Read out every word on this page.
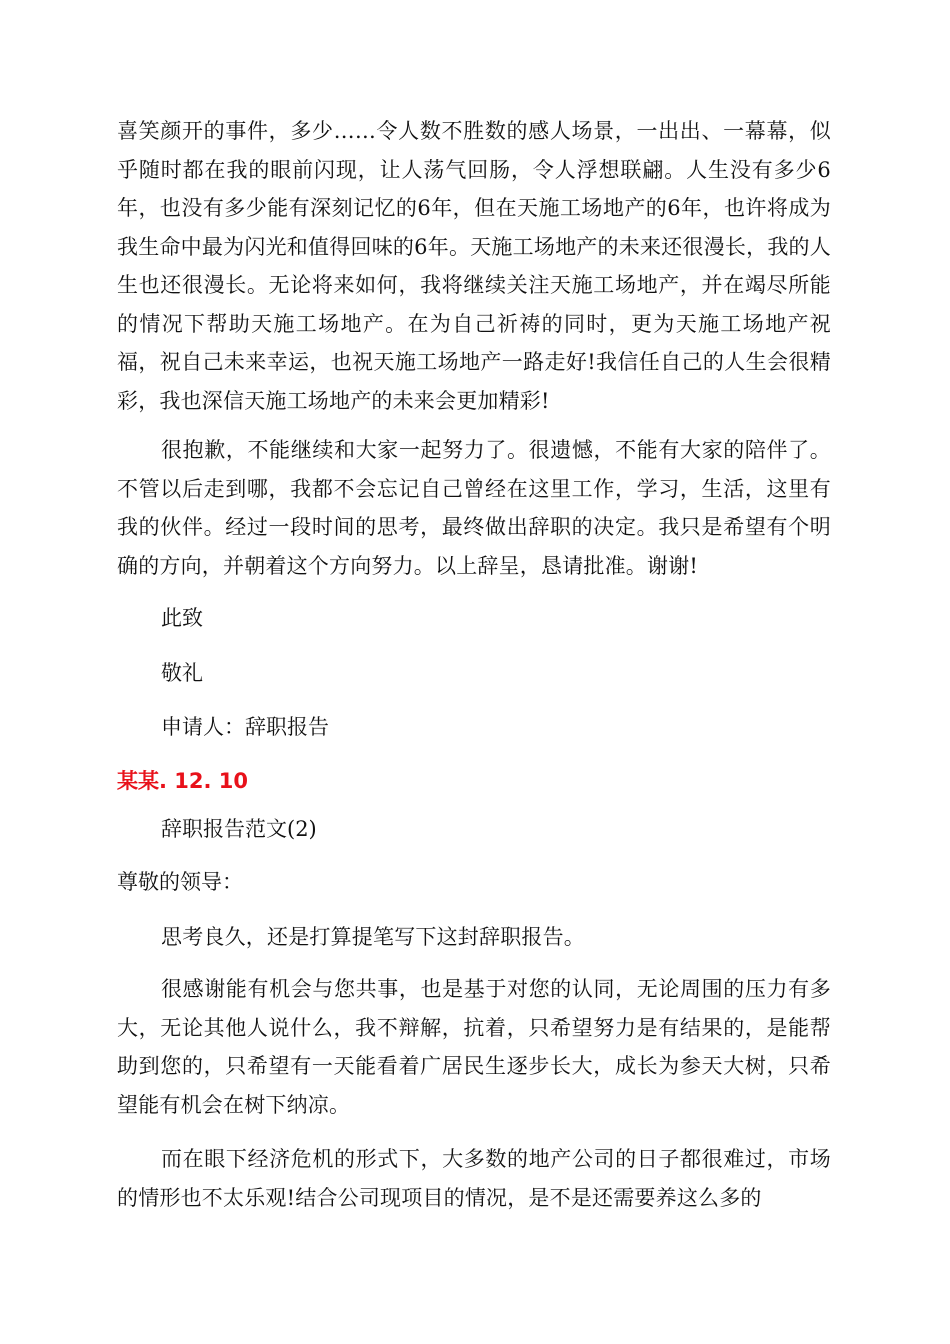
喜笑颜开的事件，多少……令人数不胜数的感人场景，一出出、一幕幕，似乎随时都在我的眼前闪现，让人荡气回肠，令人浮想联翩。人生没有多少6年，也没有多少能有深刻记忆的6年，但在天施工场地产的6年，也许将成为我生命中最为闪光和值得回味的6年。天施工场地产的未来还很漫长，我的人生也还很漫长。无论将来如何，我将继续关注天施工场地产，并在竭尽所能的情况下帮助天施工场地产。在为自己祈祷的同时，更为天施工场地产祝福，祝自己未来幸运，也祝天施工场地产一路走好!我信任自己的人生会很精彩，我也深信天施工场地产的未来会更加精彩!

很抱歉，不能继续和大家一起努力了。很遗憾，不能有大家的陪伴了。不管以后走到哪，我都不会忘记自己曾经在这里工作，学习，生活，这里有我的伙伴。经过一段时间的思考，最终做出辞职的决定。我只是希望有个明确的方向，并朝着这个方向努力。以上辞呈，恳请批准。谢谢!

此致

敬礼

申请人：辞职报告

某某. 12. 10

辞职报告范文(2)

尊敬的领导：

思考良久，还是打算提笔写下这封辞职报告。

很感谢能有机会与您共事，也是基于对您的认同，无论周围的压力有多大，无论其他人说什么，我不辩解，抗着，只希望努力是有结果的，是能帮助到您的，只希望有一天能看着广居民生逐步长大，成长为参天大树，只希望能有机会在树下纳凉。

而在眼下经济危机的形式下，大多数的地产公司的日子都很难过，市场的情形也不太乐观!结合公司现项目的情况，是不是还需要养这么多的
